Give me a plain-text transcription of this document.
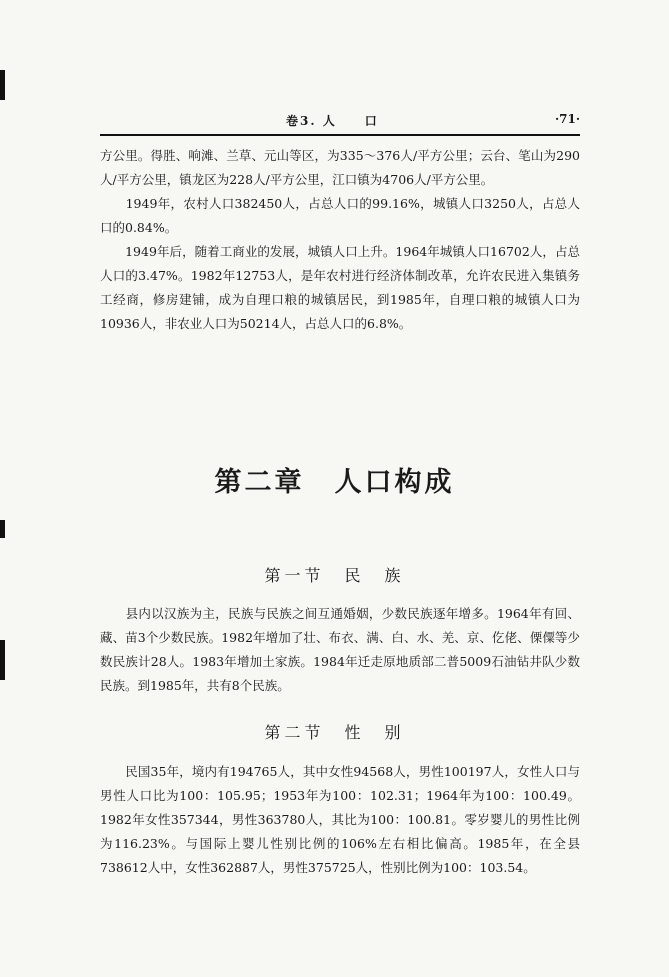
卷3. 人　　口	·71·

方公里。得胜、响滩、兰草、元山等区，为335～376人/平方公里；云台、笔山为290人/平方公里，镇龙区为228人/平方公里，江口镇为4706人/平方公里。

　　1949年，农村人口382450人，占总人口的99.16%，城镇人口3250人，占总人口的0.84%。

　　1949年后，随着工商业的发展，城镇人口上升。1964年城镇人口16702人，占总人口的3.47%。1982年12753人，是年农村进行经济体制改革，允许农民进入集镇务工经商，修房建铺，成为自理口粮的城镇居民，到1985年，自理口粮的城镇人口为10936人，非农业人口为50214人，占总人口的6.8%。

第二章　人口构成
第一节　民　族

　　县内以汉族为主，民族与民族之间互通婚姻，少数民族逐年增多。1964年有回、藏、苗3个少数民族。1982年增加了壮、布衣、满、白、水、羌、京、仡佬、傈僳等少数民族计28人。1983年增加土家族。1984年迁走原地质部二普5009石油钻井队少数民族。到1985年，共有8个民族。

第二节　性　别

　　民国35年，境内有194765人，其中女性94568人，男性100197人，女性人口与男性人口比为100：105.95；1953年为100：102.31；1964年为100：100.49。1982年女性357344，男性363780人，其比为100：100.81。零岁婴儿的男性比例为116.23%。与国际上婴儿性别比例的106%左右相比偏高。1985年，在全县738612人中，女性362887人，男性375725人，性别比例为100：103.54。
